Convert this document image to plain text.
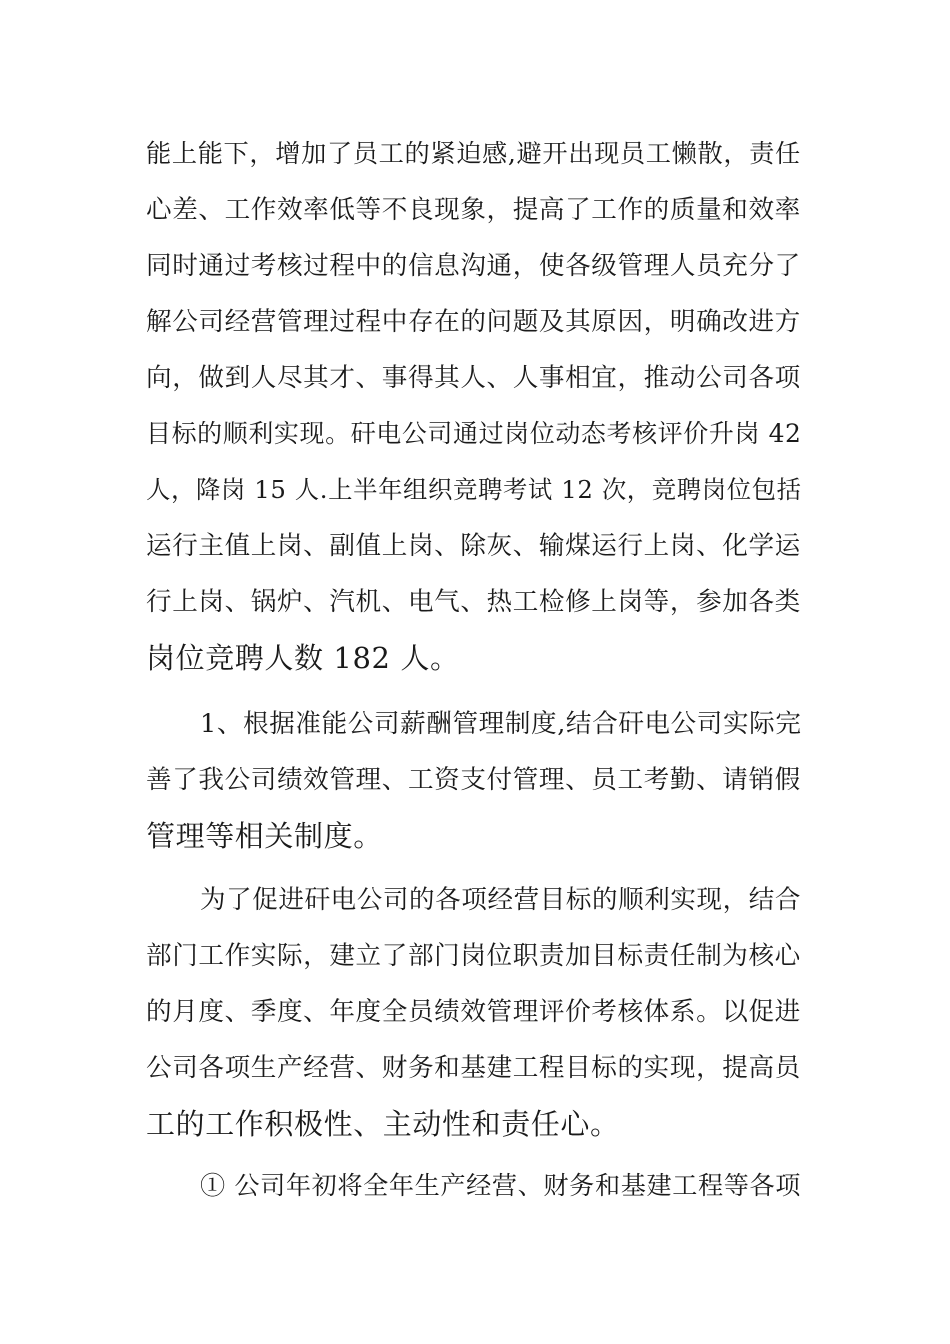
能上能下，增加了员工的紧迫感,避开出现员工懒散，责任
心差、工作效率低等不良现象，提高了工作的质量和效率
同时通过考核过程中的信息沟通，使各级管理人员充分了
解公司经营管理过程中存在的问题及其原因，明确改进方
向，做到人尽其才、事得其人、人事相宜，推动公司各项
目标的顺利实现。矸电公司通过岗位动态考核评价升岗 42
人，降岗 15 人.上半年组织竞聘考试 12 次，竞聘岗位包括
运行主值上岗、副值上岗、除灰、输煤运行上岗、化学运
行上岗、锅炉、汽机、电气、热工检修上岗等，参加各类
岗位竞聘人数 182 人。
1、根据准能公司薪酬管理制度,结合矸电公司实际完
善了我公司绩效管理、工资支付管理、员工考勤、请销假
管理等相关制度。
为了促进矸电公司的各项经营目标的顺利实现，结合
部门工作实际，建立了部门岗位职责加目标责任制为核心
的月度、季度、年度全员绩效管理评价考核体系。以促进
公司各项生产经营、财务和基建工程目标的实现，提高员
工的工作积极性、主动性和责任心。
① 公司年初将全年生产经营、财务和基建工程等各项
